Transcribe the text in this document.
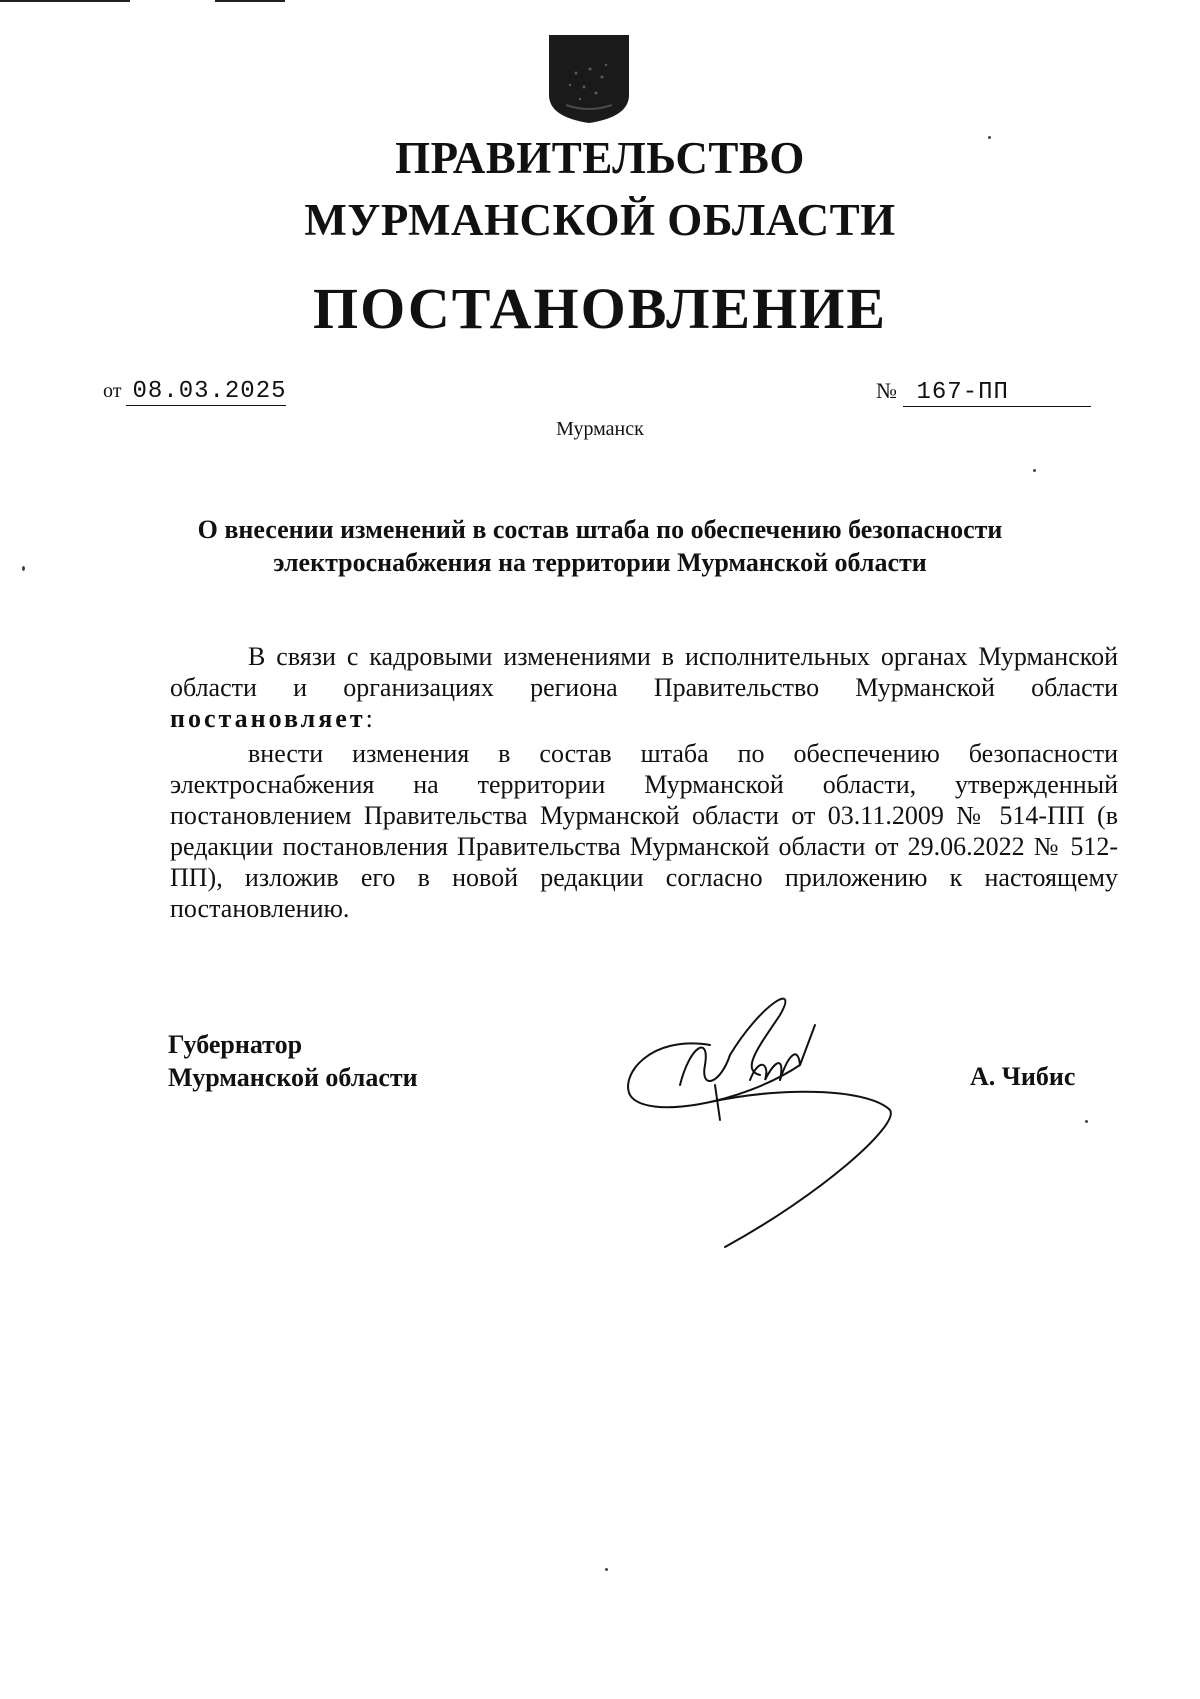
ПРАВИТЕЛЬСТВО
МУРМАНСКОЙ ОБЛАСТИ
ПОСТАНОВЛЕНИЕ
от 08.03.2025	№ 167-ПП
Мурманск
О внесении изменений в состав штаба по обеспечению безопасности электроснабжения на территории Мурманской области
В связи с кадровыми изменениями в исполнительных органах Мурманской области и организациях региона Правительство Мурманской области постановляет:
внести изменения в состав штаба по обеспечению безопасности электроснабжения на территории Мурманской области, утвержденный постановлением Правительства Мурманской области от 03.11.2009 № 514-ПП (в редакции постановления Правительства Мурманской области от 29.06.2022 № 512-ПП), изложив его в новой редакции согласно приложению к настоящему постановлению.
Губернатор
Мурманской области	А. Чибис
